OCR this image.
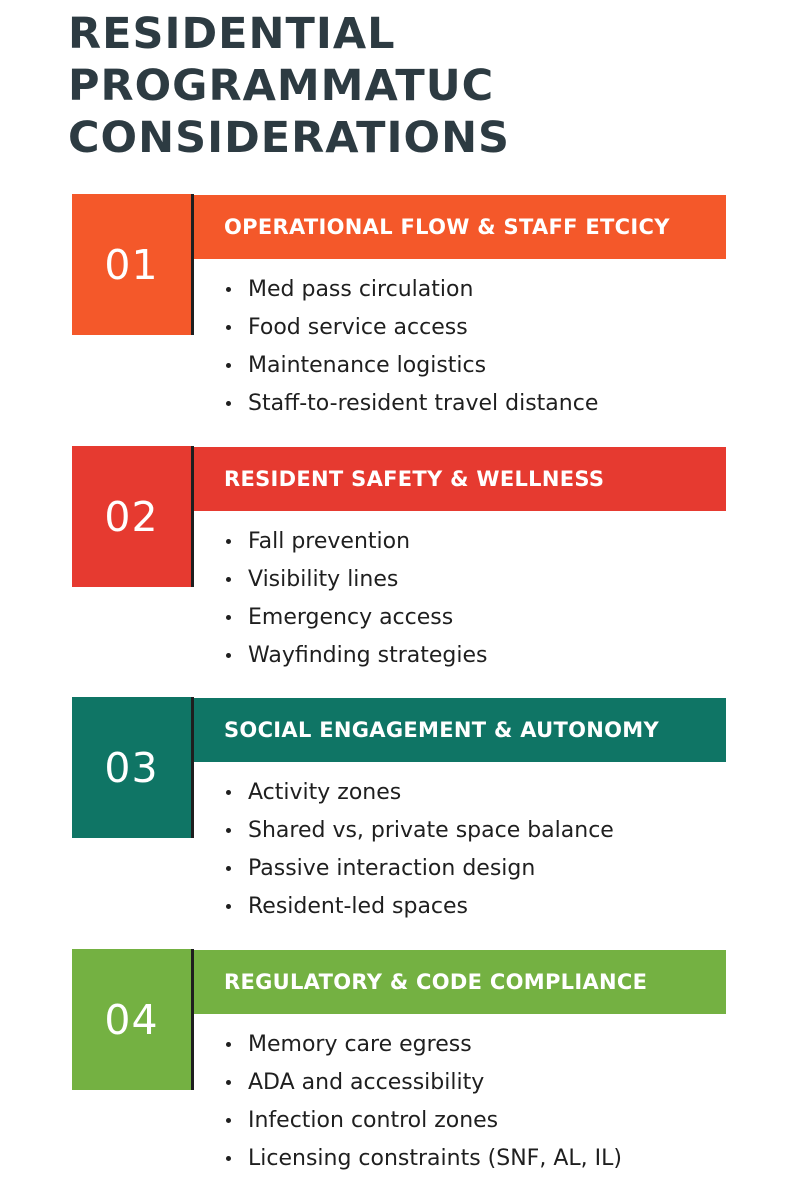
RESIDENTIAL
PROGRAMMATUC
CONSIDERATIONS
01
OPERATIONAL FLOW & STAFF ETCICY
Med pass circulation
Food service access
Maintenance logistics
Staff-to-resident travel distance
02
RESIDENT SAFETY & WELLNESS
Fall prevention
Visibility lines
Emergency access
Wayfinding strategies
03
SOCIAL ENGAGEMENT & AUTONOMY
Activity zones
Shared vs, private space balance
Passive interaction design
Resident-led spaces
04
REGULATORY & CODE COMPLIANCE
Memory care egress
ADA and accessibility
Infection control zones
Licensing constraints (SNF, AL, IL)
